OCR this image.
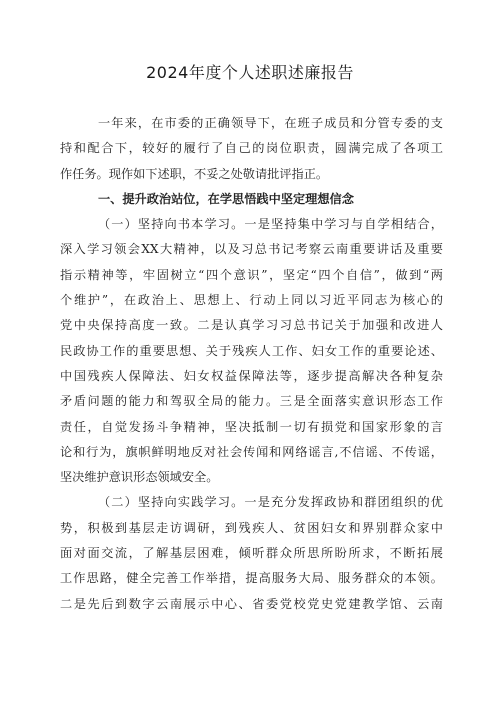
2024年度个人述职述廉报告
一年来，在市委的正确领导下，在班子成员和分管专委的支
持和配合下，较好的履行了自己的岗位职责，圆满完成了各项工
作任务。现作如下述职，不妥之处敬请批评指正。
一、提升政治站位，在学思悟践中坚定理想信念
（一）坚持向书本学习。一是坚持集中学习与自学相结合，
深入学习领会XX大精神，以及习总书记考察云南重要讲话及重要
指示精神等，牢固树立“四个意识”，坚定“四个自信”，做到“两
个维护”，在政治上、思想上、行动上同以习近平同志为核心的
党中央保持高度一致。二是认真学习习总书记关于加强和改进人
民政协工作的重要思想、关于残疾人工作、妇女工作的重要论述、
中国残疾人保障法、妇女权益保障法等，逐步提高解决各种复杂
矛盾问题的能力和驾驭全局的能力。三是全面落实意识形态工作
责任，自觉发扬斗争精神，坚决抵制一切有损党和国家形象的言
论和行为，旗帜鲜明地反对社会传闻和网络谣言,不信谣、不传谣，
坚决维护意识形态领域安全。
（二）坚持向实践学习。一是充分发挥政协和群团组织的优
势，积极到基层走访调研，到残疾人、贫困妇女和界别群众家中
面对面交流，了解基层困难，倾听群众所思所盼所求，不断拓展
工作思路，健全完善工作举措，提高服务大局、服务群众的本领。
二是先后到数字云南展示中心、省委党校党史党建教学馆、云南
